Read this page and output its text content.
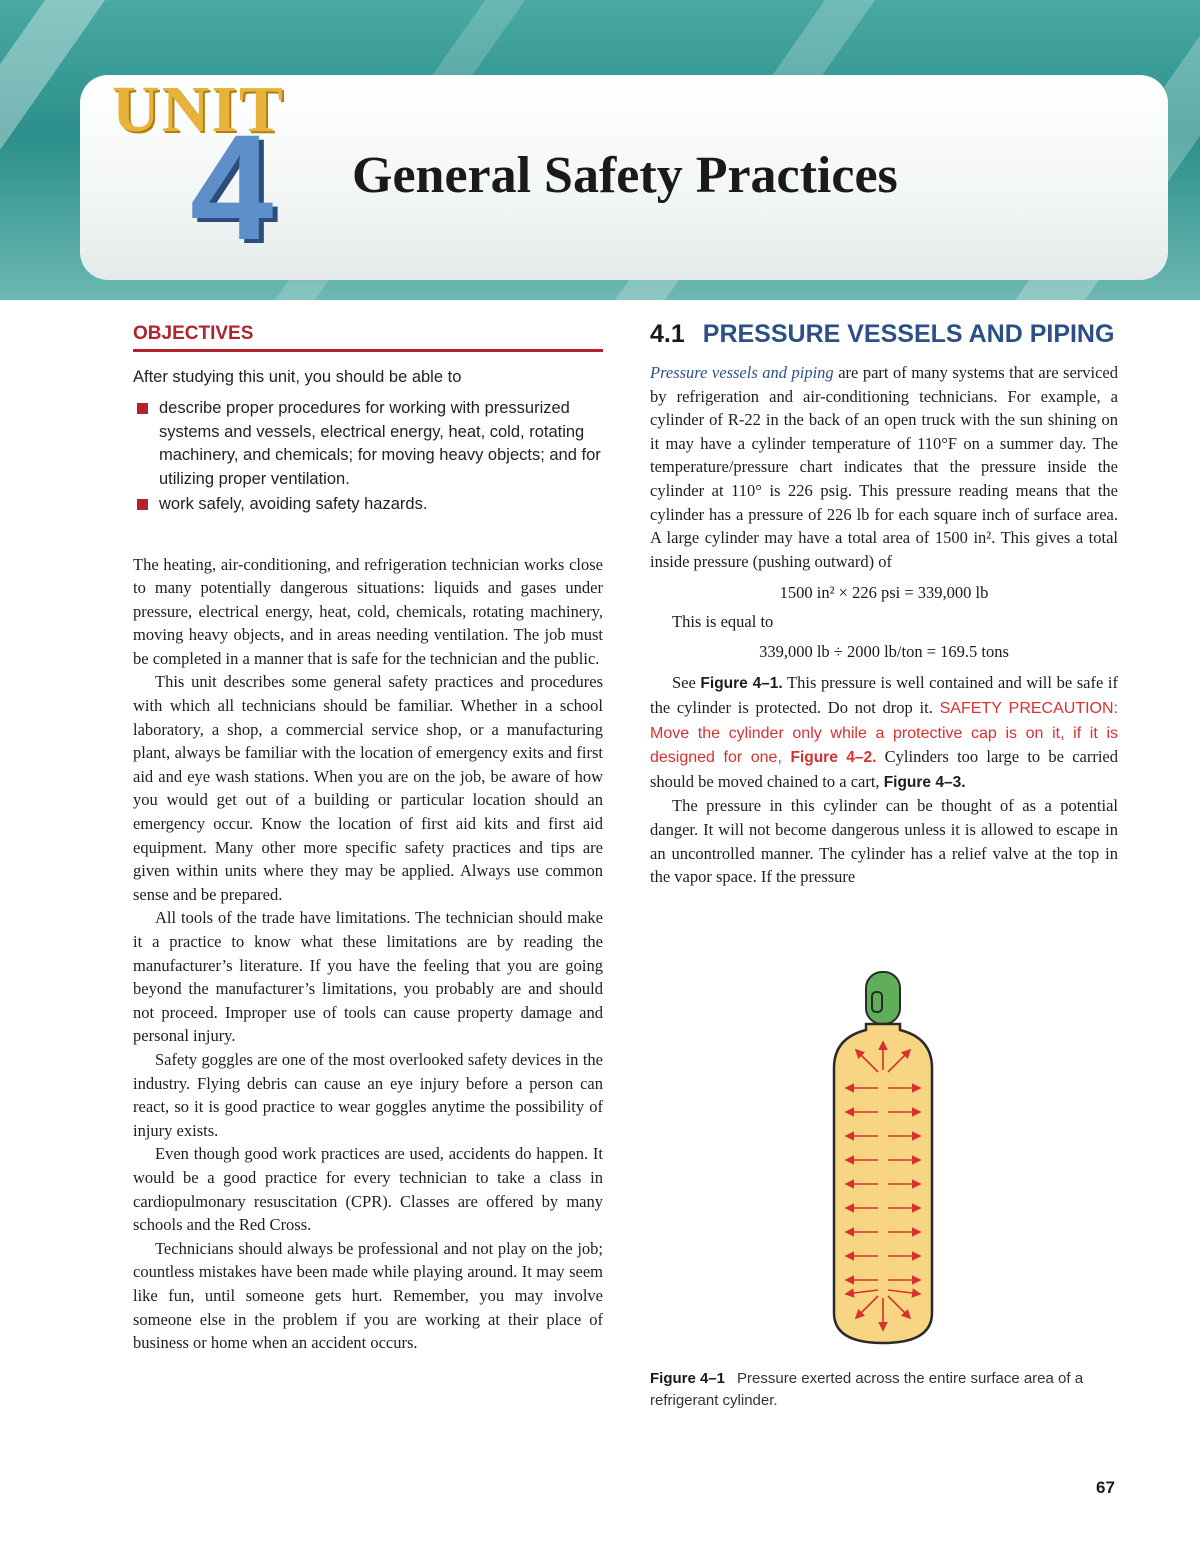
UNIT
4 General Safety Practices
OBJECTIVES
After studying this unit, you should be able to
describe proper procedures for working with pressurized systems and vessels, electrical energy, heat, cold, rotating machinery, and chemicals; for moving heavy objects; and for utilizing proper ventilation.
work safely, avoiding safety hazards.

The heating, air-conditioning, and refrigeration technician works close to many potentially dangerous situations: liquids and gases under pressure, electrical energy, heat, cold, chemicals, rotating machinery, moving heavy objects, and in areas needing ventilation. The job must be completed in a manner that is safe for the technician and the public.

This unit describes some general safety practices and procedures with which all technicians should be familiar. Whether in a school laboratory, a shop, a commercial service shop, or a manufacturing plant, always be familiar with the location of emergency exits and first aid and eye wash stations. When you are on the job, be aware of how you would get out of a building or particular location should an emergency occur. Know the location of first aid kits and first aid equipment. Many other more specific safety practices and tips are given within units where they may be applied. Always use common sense and be prepared.

All tools of the trade have limitations. The technician should make it a practice to know what these limitations are by reading the manufacturer’s literature. If you have the feeling that you are going beyond the manufacturer’s limitations, you probably are and should not proceed. Improper use of tools can cause property damage and personal injury.

Safety goggles are one of the most overlooked safety devices in the industry. Flying debris can cause an eye injury before a person can react, so it is good practice to wear goggles anytime the possibility of injury exists.

Even though good work practices are used, accidents do happen. It would be a good practice for every technician to take a class in cardiopulmonary resuscitation (CPR). Classes are offered by many schools and the Red Cross.

Technicians should always be professional and not play on the job; countless mistakes have been made while playing around. It may seem like fun, until someone gets hurt. Remember, you may involve someone else in the problem if you are working at their place of business or home when an accident occurs.

4.1 PRESSURE VESSELS AND PIPING

Pressure vessels and piping are part of many systems that are serviced by refrigeration and air-conditioning technicians. For example, a cylinder of R-22 in the back of an open truck with the sun shining on it may have a cylinder temperature of 110°F on a summer day. The temperature/pressure chart indicates that the pressure inside the cylinder at 110° is 226 psig. This pressure reading means that the cylinder has a pressure of 226 lb for each square inch of surface area. A large cylinder may have a total area of 1500 in². This gives a total inside pressure (pushing outward) of

1500 in² × 226 psi = 339,000 lb
This is equal to
339,000 lb ÷ 2000 lb/ton = 169.5 tons

See Figure 4–1. This pressure is well contained and will be safe if the cylinder is protected. Do not drop it. SAFETY PRECAUTION: Move the cylinder only while a protective cap is on it, if it is designed for one, Figure 4–2. Cylinders too large to be carried should be moved chained to a cart, Figure 4–3.

The pressure in this cylinder can be thought of as a potential danger. It will not become dangerous unless it is allowed to escape in an uncontrolled manner. The cylinder has a relief valve at the top in the vapor space. If the pressure

Figure 4–1 Pressure exerted across the entire surface area of a refrigerant cylinder.
67
